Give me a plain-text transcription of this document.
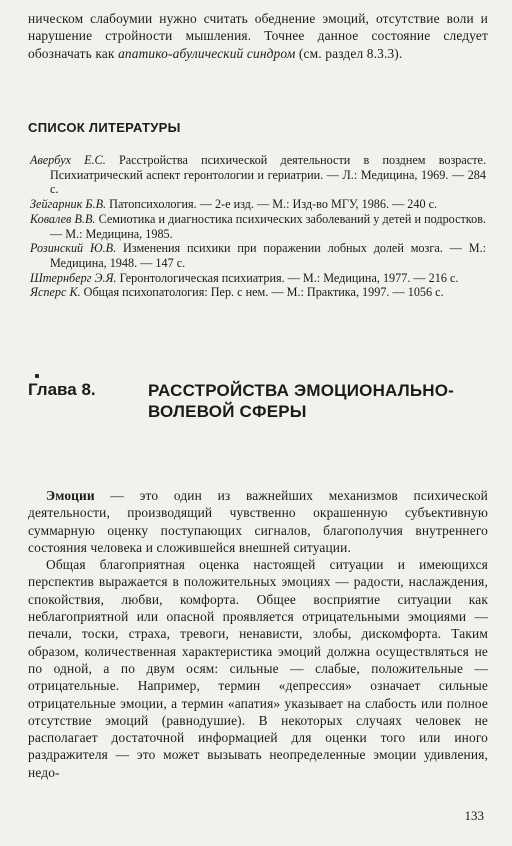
ническом слабоумии нужно считать обеднение эмоций, отсутствие воли и нарушение стройности мышления. Точнее данное состояние следует обозначать как апатико-абулический синдром (см. раздел 8.3.3).

СПИСОК ЛИТЕРАТУРЫ
Авербух Е.С. Расстройства психической деятельности в позднем возрасте. Психиатрический аспект геронтологии и гериатрии. — Л.: Медицина, 1969. — 284 с.
Зейгарник Б.В. Патопсихология. — 2-е изд. — М.: Изд-во МГУ, 1986. — 240 с.
Ковалев В.В. Семиотика и диагностика психических заболеваний у детей и подростков. — М.: Медицина, 1985.
Розинский Ю.В. Изменения психики при поражении лобных долей мозга. — М.: Медицина, 1948. — 147 с.
Штернберг Э.Я. Геронтологическая психиатрия. — М.: Медицина, 1977. — 216 с.
Ясперс К. Общая психопатология: Пер. с нем. — М.: Практика, 1997. — 1056 с.
Глава 8.	РАССТРОЙСТВА ЭМОЦИОНАЛЬНО-ВОЛЕВОЙ СФЕРЫ

Эмоции — это один из важнейших механизмов психической деятельности, производящий чувственно окрашенную субъективную суммарную оценку поступающих сигналов, благополучия внутреннего состояния человека и сложившейся внешней ситуации.

Общая благоприятная оценка настоящей ситуации и имеющихся перспектив выражается в положительных эмоциях — радости, наслаждения, спокойствия, любви, комфорта. Общее восприятие ситуации как неблагоприятной или опасной проявляется отрицательными эмоциями — печали, тоски, страха, тревоги, ненависти, злобы, дискомфорта. Таким образом, количественная характеристика эмоций должна осуществляться не по одной, а по двум осям: сильные — слабые, положительные — отрицательные. Например, термин «депрессия» означает сильные отрицательные эмоции, а термин «апатия» указывает на слабость или полное отсутствие эмоций (равнодушие). В некоторых случаях человек не располагает достаточной информацией для оценки того или иного раздражителя — это может вызывать неопределенные эмоции удивления, недо-

133
